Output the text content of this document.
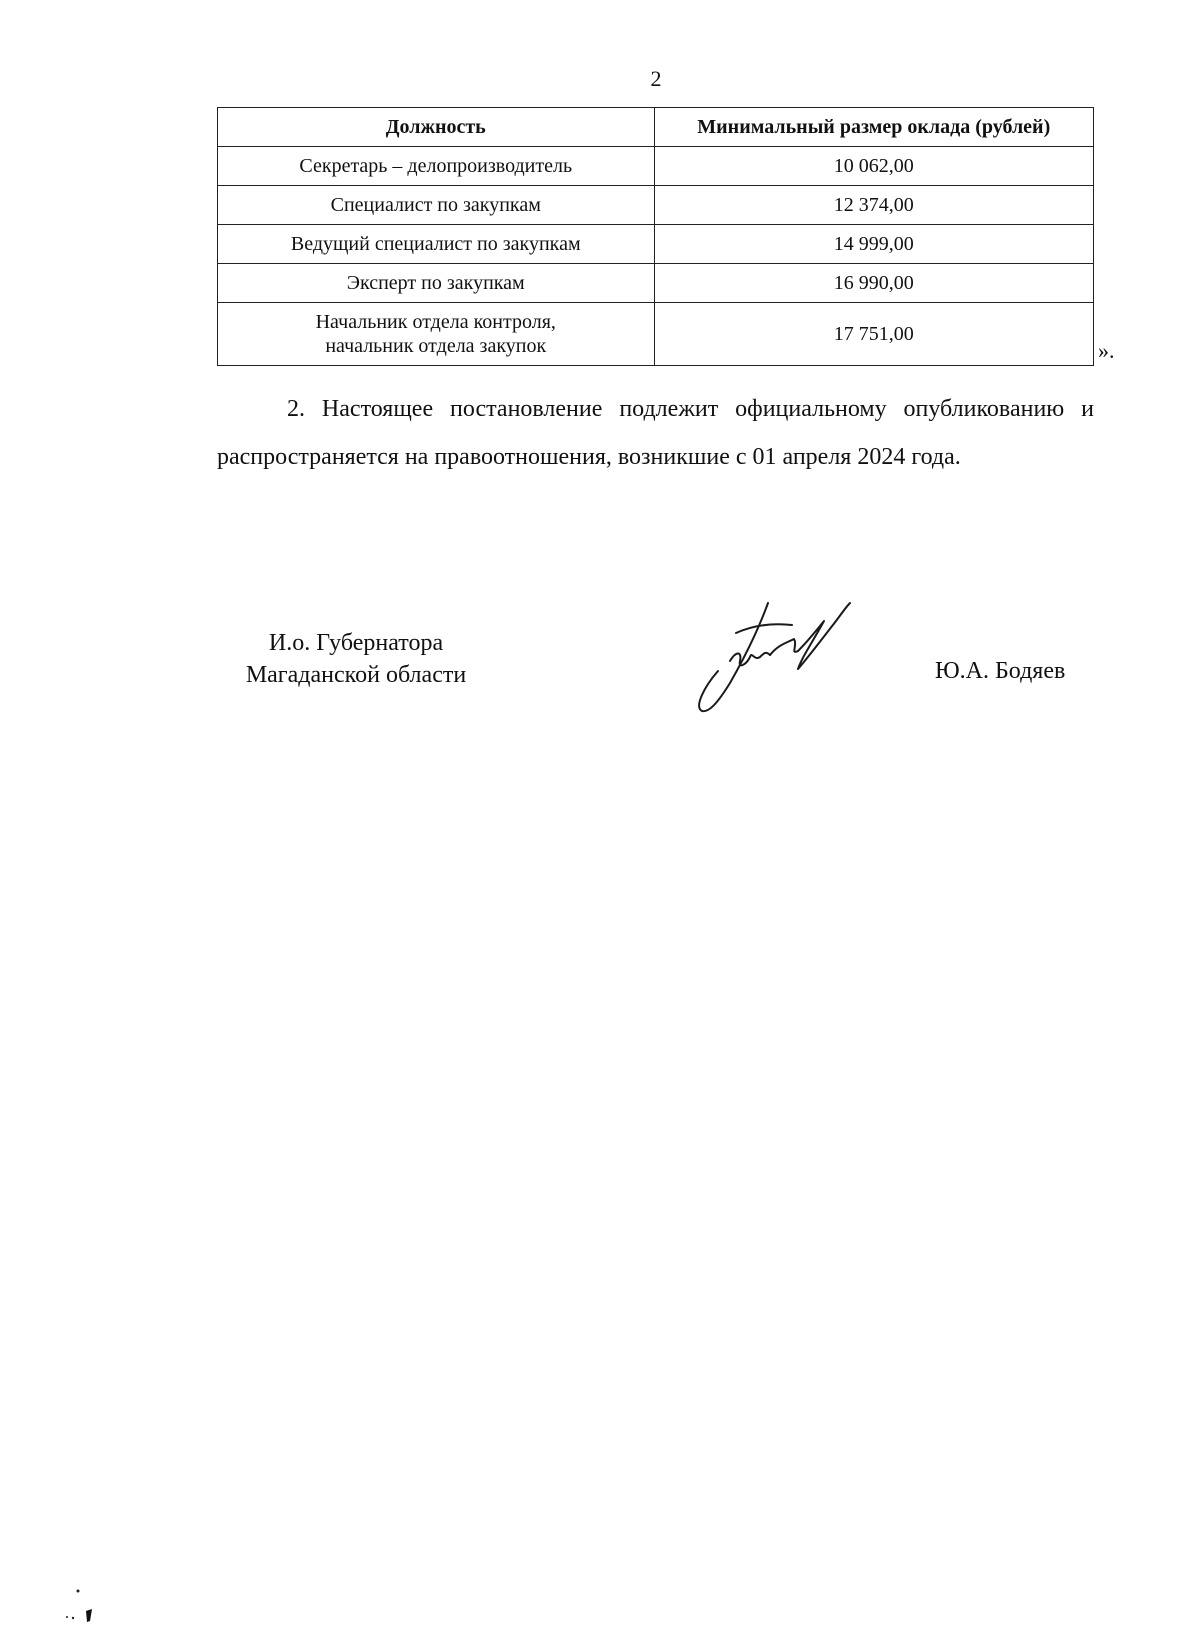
2
Должность	Минимальный размер оклада (рублей)
Секретарь – делопроизводитель	10 062,00
Специалист по закупкам	12 374,00
Ведущий специалист по закупкам	14 999,00
Эксперт по закупкам	16 990,00

Начальник отдела контроля,
начальник отдела закупок	17 751,00
».
2. Настоящее постановление подлежит официальному опубликованию и распространяется на правоотношения, возникшие с 01 апреля 2024 года.
И.о. Губернатора
Магаданской области	Ю.А. Бодяев
